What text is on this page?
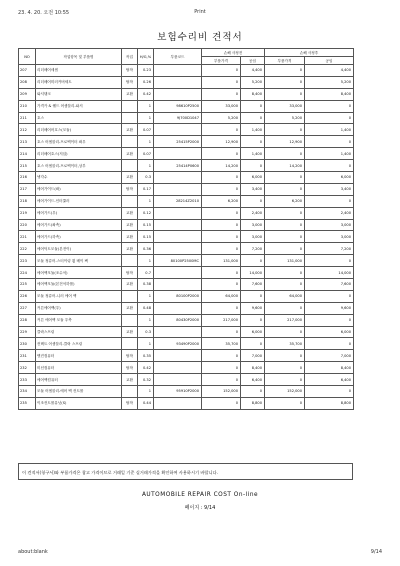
23. 4. 20. 오전 10:55	Print
보험수리비 견적서
NO	작업항목 및 부품명	작업	H/G,%	부품코드	손해 사정전		손해 사정후	
					부품가격	공임	부품가격	공임
207	리더배어세셈	탈착	0.23		0	4,400	0	4,400
208	리더배어미러커버세트	탈착	0.26		0	5,200	0	5,200
209	와셔탱크	교환	0.42		0	8,400	0	8,400
210	가격카 & 웰드 어셈블리-와셔		1	98610P2500	33,000	0	33,000	0
211	호스		1	9J700D1047	5,200	0	5,200	0
212	리더배어어호스(모듈)	교환	0.07		0	1,400	0	1,400
213	호스 어셈블리-프로벡이터 좌우		1	25415P2000	12,900	0	12,900	0
214	리더배어호스(저압)	교환	0.07		0	1,400	0	1,400
215	호스 어셈블리-프로벡이터,상부		1	25414P0600	14,200	0	14,200	0
216	냉각수	교환	0.3		0	6,000	0	6,000
217	에어가이드(좌)	탈착	0.17		0	3,400	0	3,400
218	에어가이드-인터쿨러		1	28214Z2010	6,200	0	6,200	0
219	에어가드(우)	교환	0.12		0	2,400	0	2,400
220	에어가드(좌측)	교환	0.15		0	3,000	0	3,000
221	에어가드(하측)	교환	0.15		0	3,000	0	3,000
222	에어덕트모듈(본전이)	교환	0.36		0	7,200	0	7,200
223	모듈 정류어-스터이링 휠 베이 팩		1	80100P2500MC	131,000	0	131,000	0
224	에어백모듈(조수석)	탈착	0.7		0	14,000	0	14,000
225	에어백모듈(본전석하롤)	교환	0.38		0	7,600	0	7,600
226	모듈 정류어-니러 에어 백		1	80100P2000	64,000	0	64,000	0
227	커튼에어백(우)	교환	0.48		0	9,600	0	9,600
228	커튼 에어백 모듈 우측		1	80430P2000	217,000	0	217,000	0
229	클락스프링	교환	0.3		0	6,000	0	6,000
230	컨택트 어셈블리-클락 스프링		1	93490P2000	35,700	0	35,700	0
231	엔진컴퓨터	탈착	0.35		0	7,000	0	7,000
232	미션컴퓨터	탈착	0.42		0	8,400	0	8,400
233	에어백컴퓨터	교환	0.32		0	6,400	0	6,400
234	모듈 어셈블리-에어 백 컨트롤		1	95910P2000	152,000	0	152,000	0
235	이조컨트롤유닛(S)	탈착	0.44		0	8,800	0	8,800
이 견적서(청구서)와 부품가격은 참고 가격이므로 거래일 기준 실거래가격을 확인하여 사용하시기 바랍니다.
AUTOMOBILE REPAIR COST On-line
페이지 : 9/14
about:blank	9/14
